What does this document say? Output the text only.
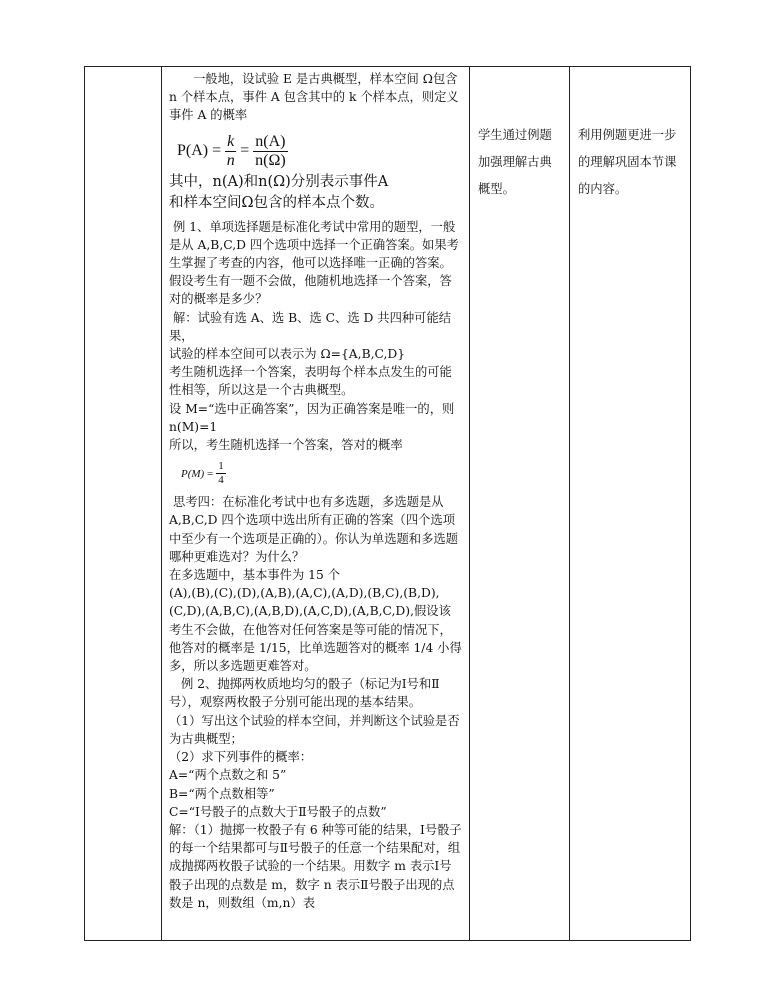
一般地，设试验 E 是古典概型，样本空间 Ω包含 n 个样本点，事件 A 包含其中的 k 个样本点，则定义事件 A 的概率

$P(A) = \frac{k}{n} = \frac{n(A)}{n(\Omega)}$

其中，n(A)和n(Ω)分别表示事件A

和样本空间Ω包含的样本点个数。

例 1、单项选择题是标准化考试中常用的题型，一般是从 A,B,C,D 四个选项中选择一个正确答案。如果考生掌握了考查的内容，他可以选择唯一正确的答案。假设考生有一题不会做，他随机地选择一个答案，答对的概率是多少？

解：试验有选 A、选 B、选 C、选 D 共四种可能结果，

试验的样本空间可以表示为 Ω={A,B,C,D}

考生随机选择一个答案，表明每个样本点发生的可能性相等，所以这是一个古典概型。

设 M=“选中正确答案”，因为正确答案是唯一的，则 n(M)=1

所以，考生随机选择一个答案，答对的概率

$P(M) = \frac{1}{4}$

思考四：在标准化考试中也有多选题，多选题是从 A,B,C,D 四个选项中选出所有正确的答案（四个选项中至少有一个选项是正确的）。你认为单选题和多选题哪种更难选对？为什么？

在多选题中，基本事件为 15 个

(A),(B),(C),(D),(A,B),(A,C),(A,D),(B,C),(B,D),(C,D),(A,B,C),(A,B,D),(A,C,D),(A,B,C,D),假设该考生不会做，在他答对任何答案是等可能的情况下，他答对的概率是 1/15，比单选题答对的概率 1/4 小得多，所以多选题更难答对。

例 2、抛掷两枚质地均匀的骰子（标记为Ⅰ号和Ⅱ号），观察两枚骰子分别可能出现的基本结果。

（1）写出这个试验的样本空间，并判断这个试验是否为古典概型；

（2）求下列事件的概率：

A=“两个点数之和 5”

B=“两个点数相等”

C=“Ⅰ号骰子的点数大于Ⅱ号骰子的点数”

解：（1）抛掷一枚骰子有 6 种等可能的结果，Ⅰ号骰子的每一个结果都可与Ⅱ号骰子的任意一个结果配对，组成抛掷两枚骰子试验的一个结果。用数字 m 表示Ⅰ号骰子出现的点数是 m，数字 n 表示Ⅱ号骰子出现的点数是 n，则数组（m,n）表

学生通过例题加强理解古典概型。

利用例题更进一步的理解巩固本节课的内容。
